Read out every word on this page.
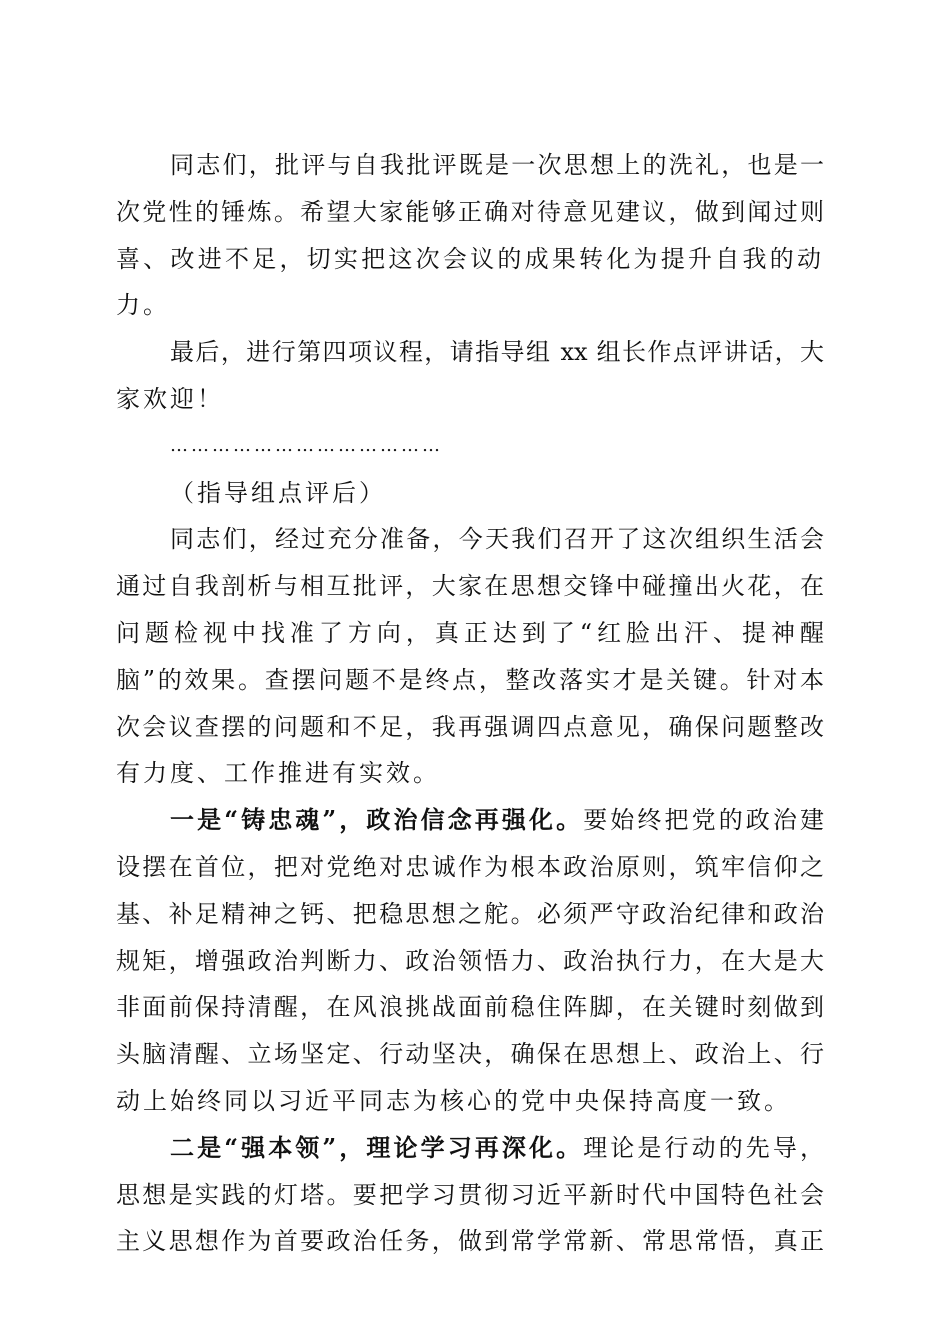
同志们，批评与自我批评既是一次思想上的洗礼，也是一
次党性的锤炼。希望大家能够正确对待意见建议，做到闻过则
喜、改进不足，切实把这次会议的成果转化为提升自我的动力。
最后，进行第四项议程，请指导组 xx 组长作点评讲话，大
家欢迎！
…………………………………
（指导组点评后）
同志们，经过充分准备，今天我们召开了这次组织生活会
通过自我剖析与相互批评，大家在思想交锋中碰撞出火花，在
问题检视中找准了方向，真正达到了“红脸出汗、提神醒
脑”的效果。查摆问题不是终点，整改落实才是关键。针对本
次会议查摆的问题和不足，我再强调四点意见，确保问题整改
有力度、工作推进有实效。
一是“铸忠魂”，政治信念再强化。要始终把党的政治建
设摆在首位，把对党绝对忠诚作为根本政治原则，筑牢信仰之
基、补足精神之钙、把稳思想之舵。必须严守政治纪律和政治
规矩，增强政治判断力、政治领悟力、政治执行力，在大是大
非面前保持清醒，在风浪挑战面前稳住阵脚，在关键时刻做到
头脑清醒、立场坚定、行动坚决，确保在思想上、政治上、行
动上始终同以习近平同志为核心的党中央保持高度一致。
二是“强本领”，理论学习再深化。理论是行动的先导，
思想是实践的灯塔。要把学习贯彻习近平新时代中国特色社会
主义思想作为首要政治任务，做到常学常新、常思常悟，真正
